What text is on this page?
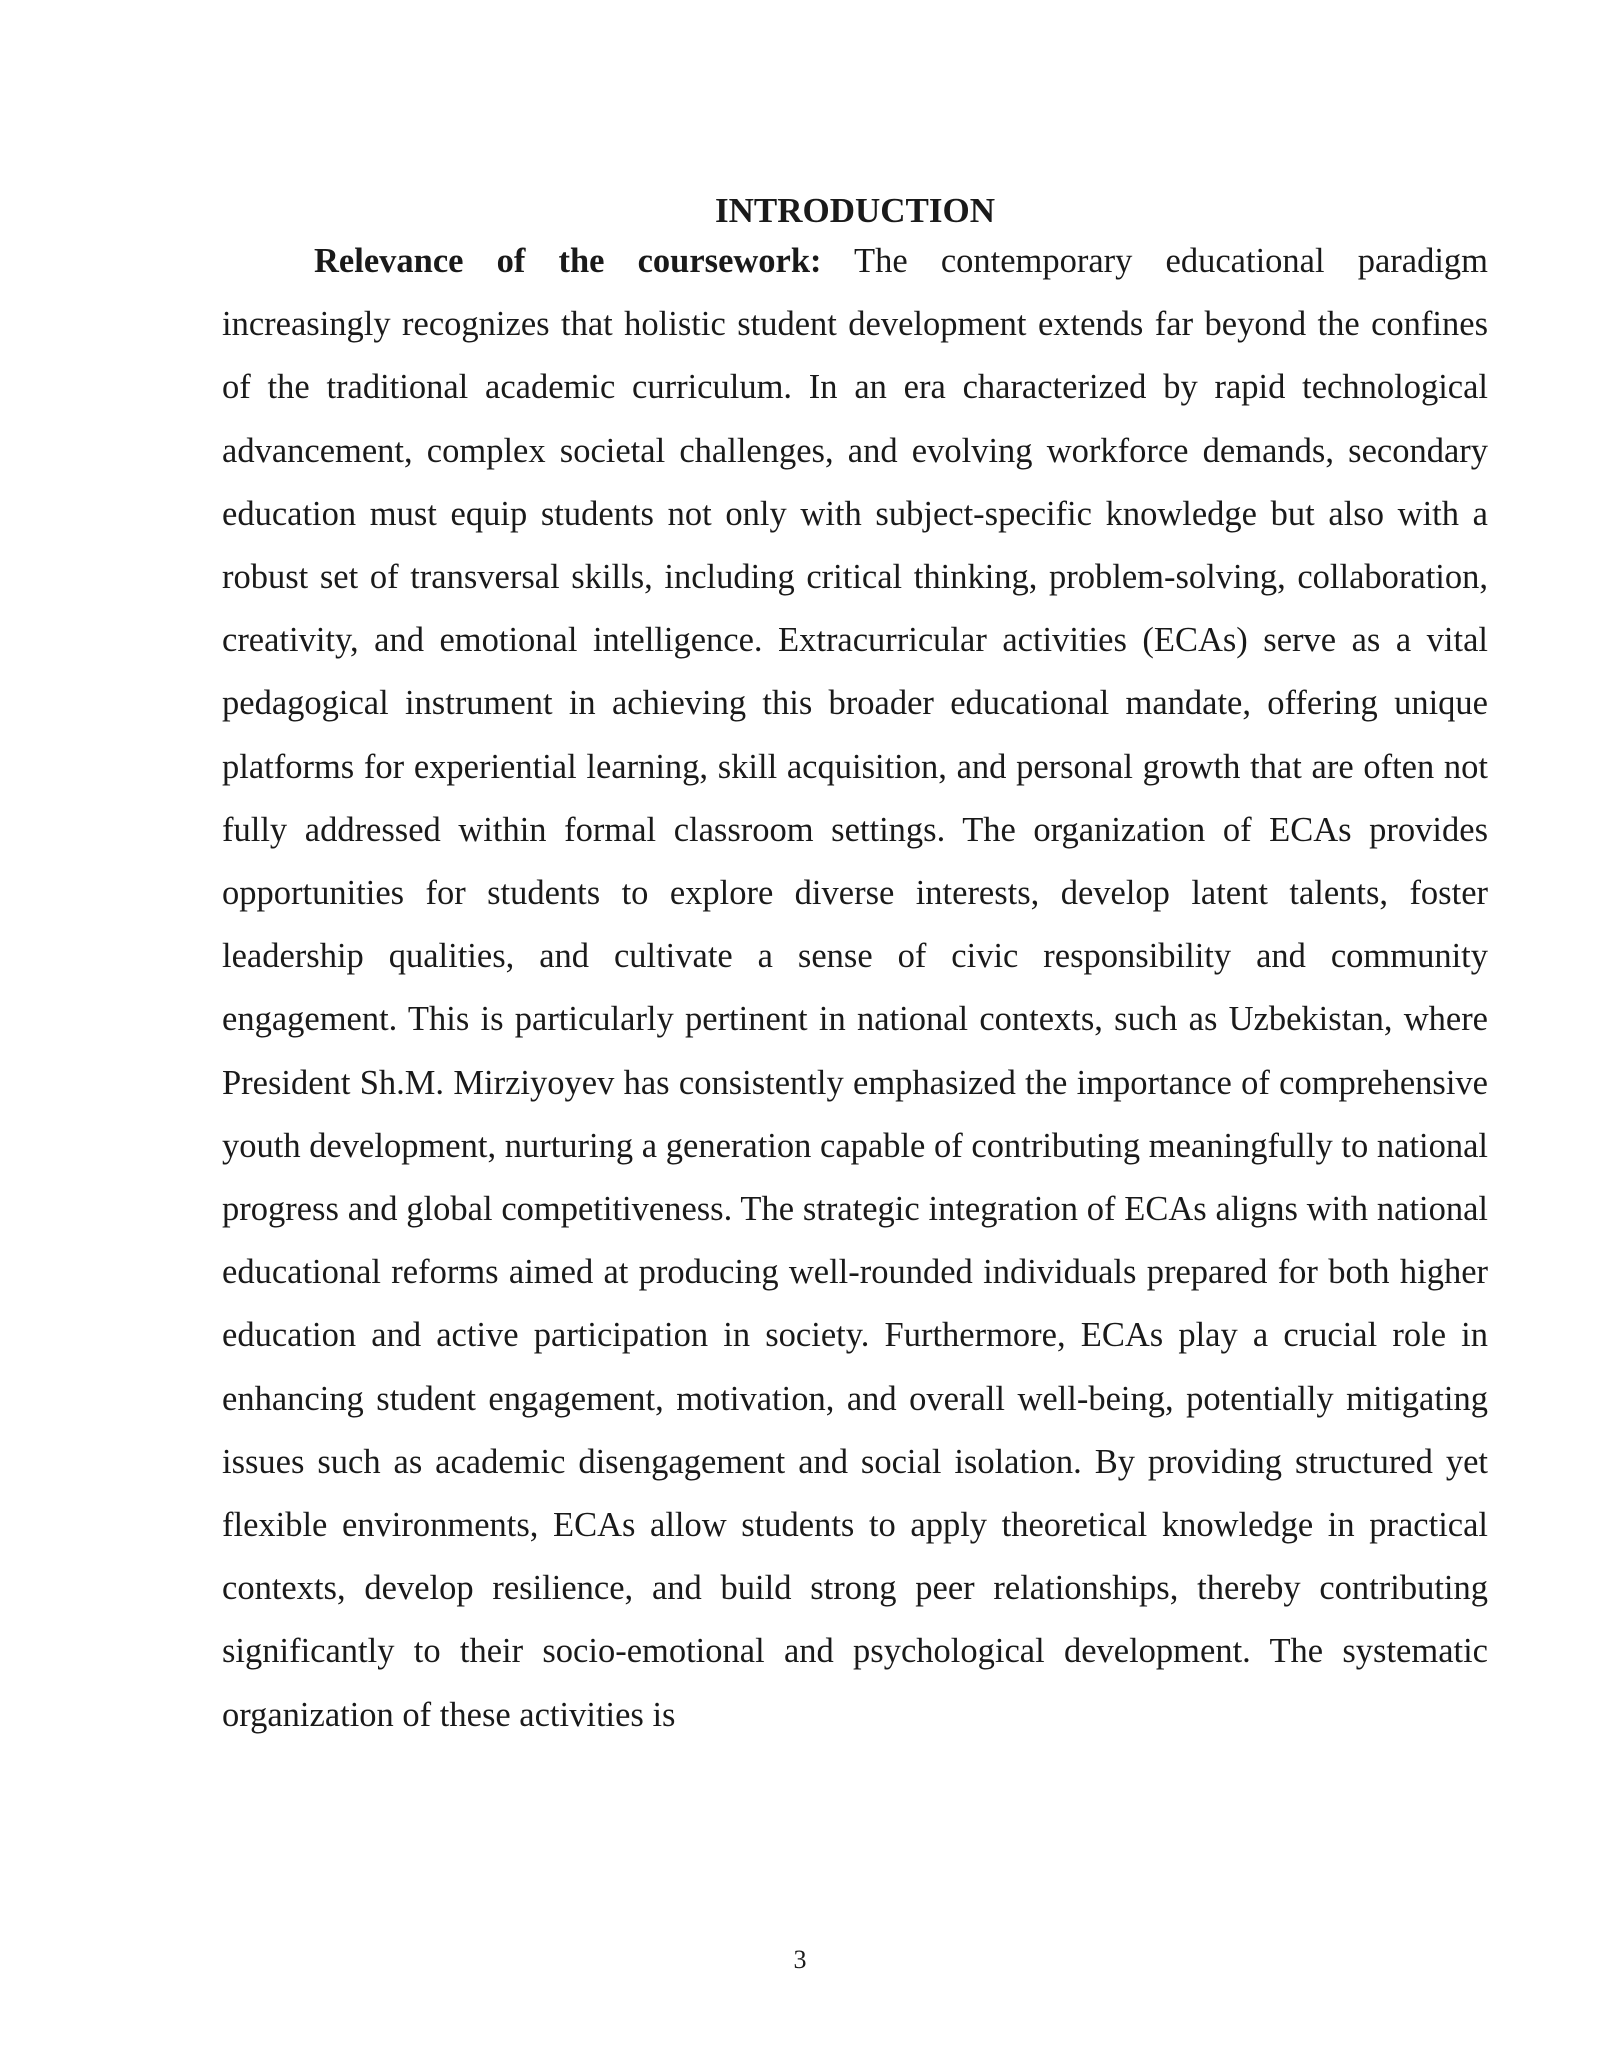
INTRODUCTION

Relevance of the coursework: The contemporary educational paradigm increasingly recognizes that holistic student development extends far beyond the confines of the traditional academic curriculum. In an era characterized by rapid technological advancement, complex societal challenges, and evolving workforce demands, secondary education must equip students not only with subject-specific knowledge but also with a robust set of transversal skills, including critical thinking, problem-solving, collaboration, creativity, and emotional intelligence. Extracurricular activities (ECAs) serve as a vital pedagogical instrument in achieving this broader educational mandate, offering unique platforms for experiential learning, skill acquisition, and personal growth that are often not fully addressed within formal classroom settings. The organization of ECAs provides opportunities for students to explore diverse interests, develop latent talents, foster leadership qualities, and cultivate a sense of civic responsibility and community engagement. This is particularly pertinent in national contexts, such as Uzbekistan, where President Sh.M. Mirziyoyev has consistently emphasized the importance of comprehensive youth development, nurturing a generation capable of contributing meaningfully to national progress and global competitiveness. The strategic integration of ECAs aligns with national educational reforms aimed at producing well-rounded individuals prepared for both higher education and active participation in society. Furthermore, ECAs play a crucial role in enhancing student engagement, motivation, and overall well-being, potentially mitigating issues such as academic disengagement and social isolation. By providing structured yet flexible environments, ECAs allow students to apply theoretical knowledge in practical contexts, develop resilience, and build strong peer relationships, thereby contributing significantly to their socio-emotional and psychological development. The systematic organization of these activities is

3
